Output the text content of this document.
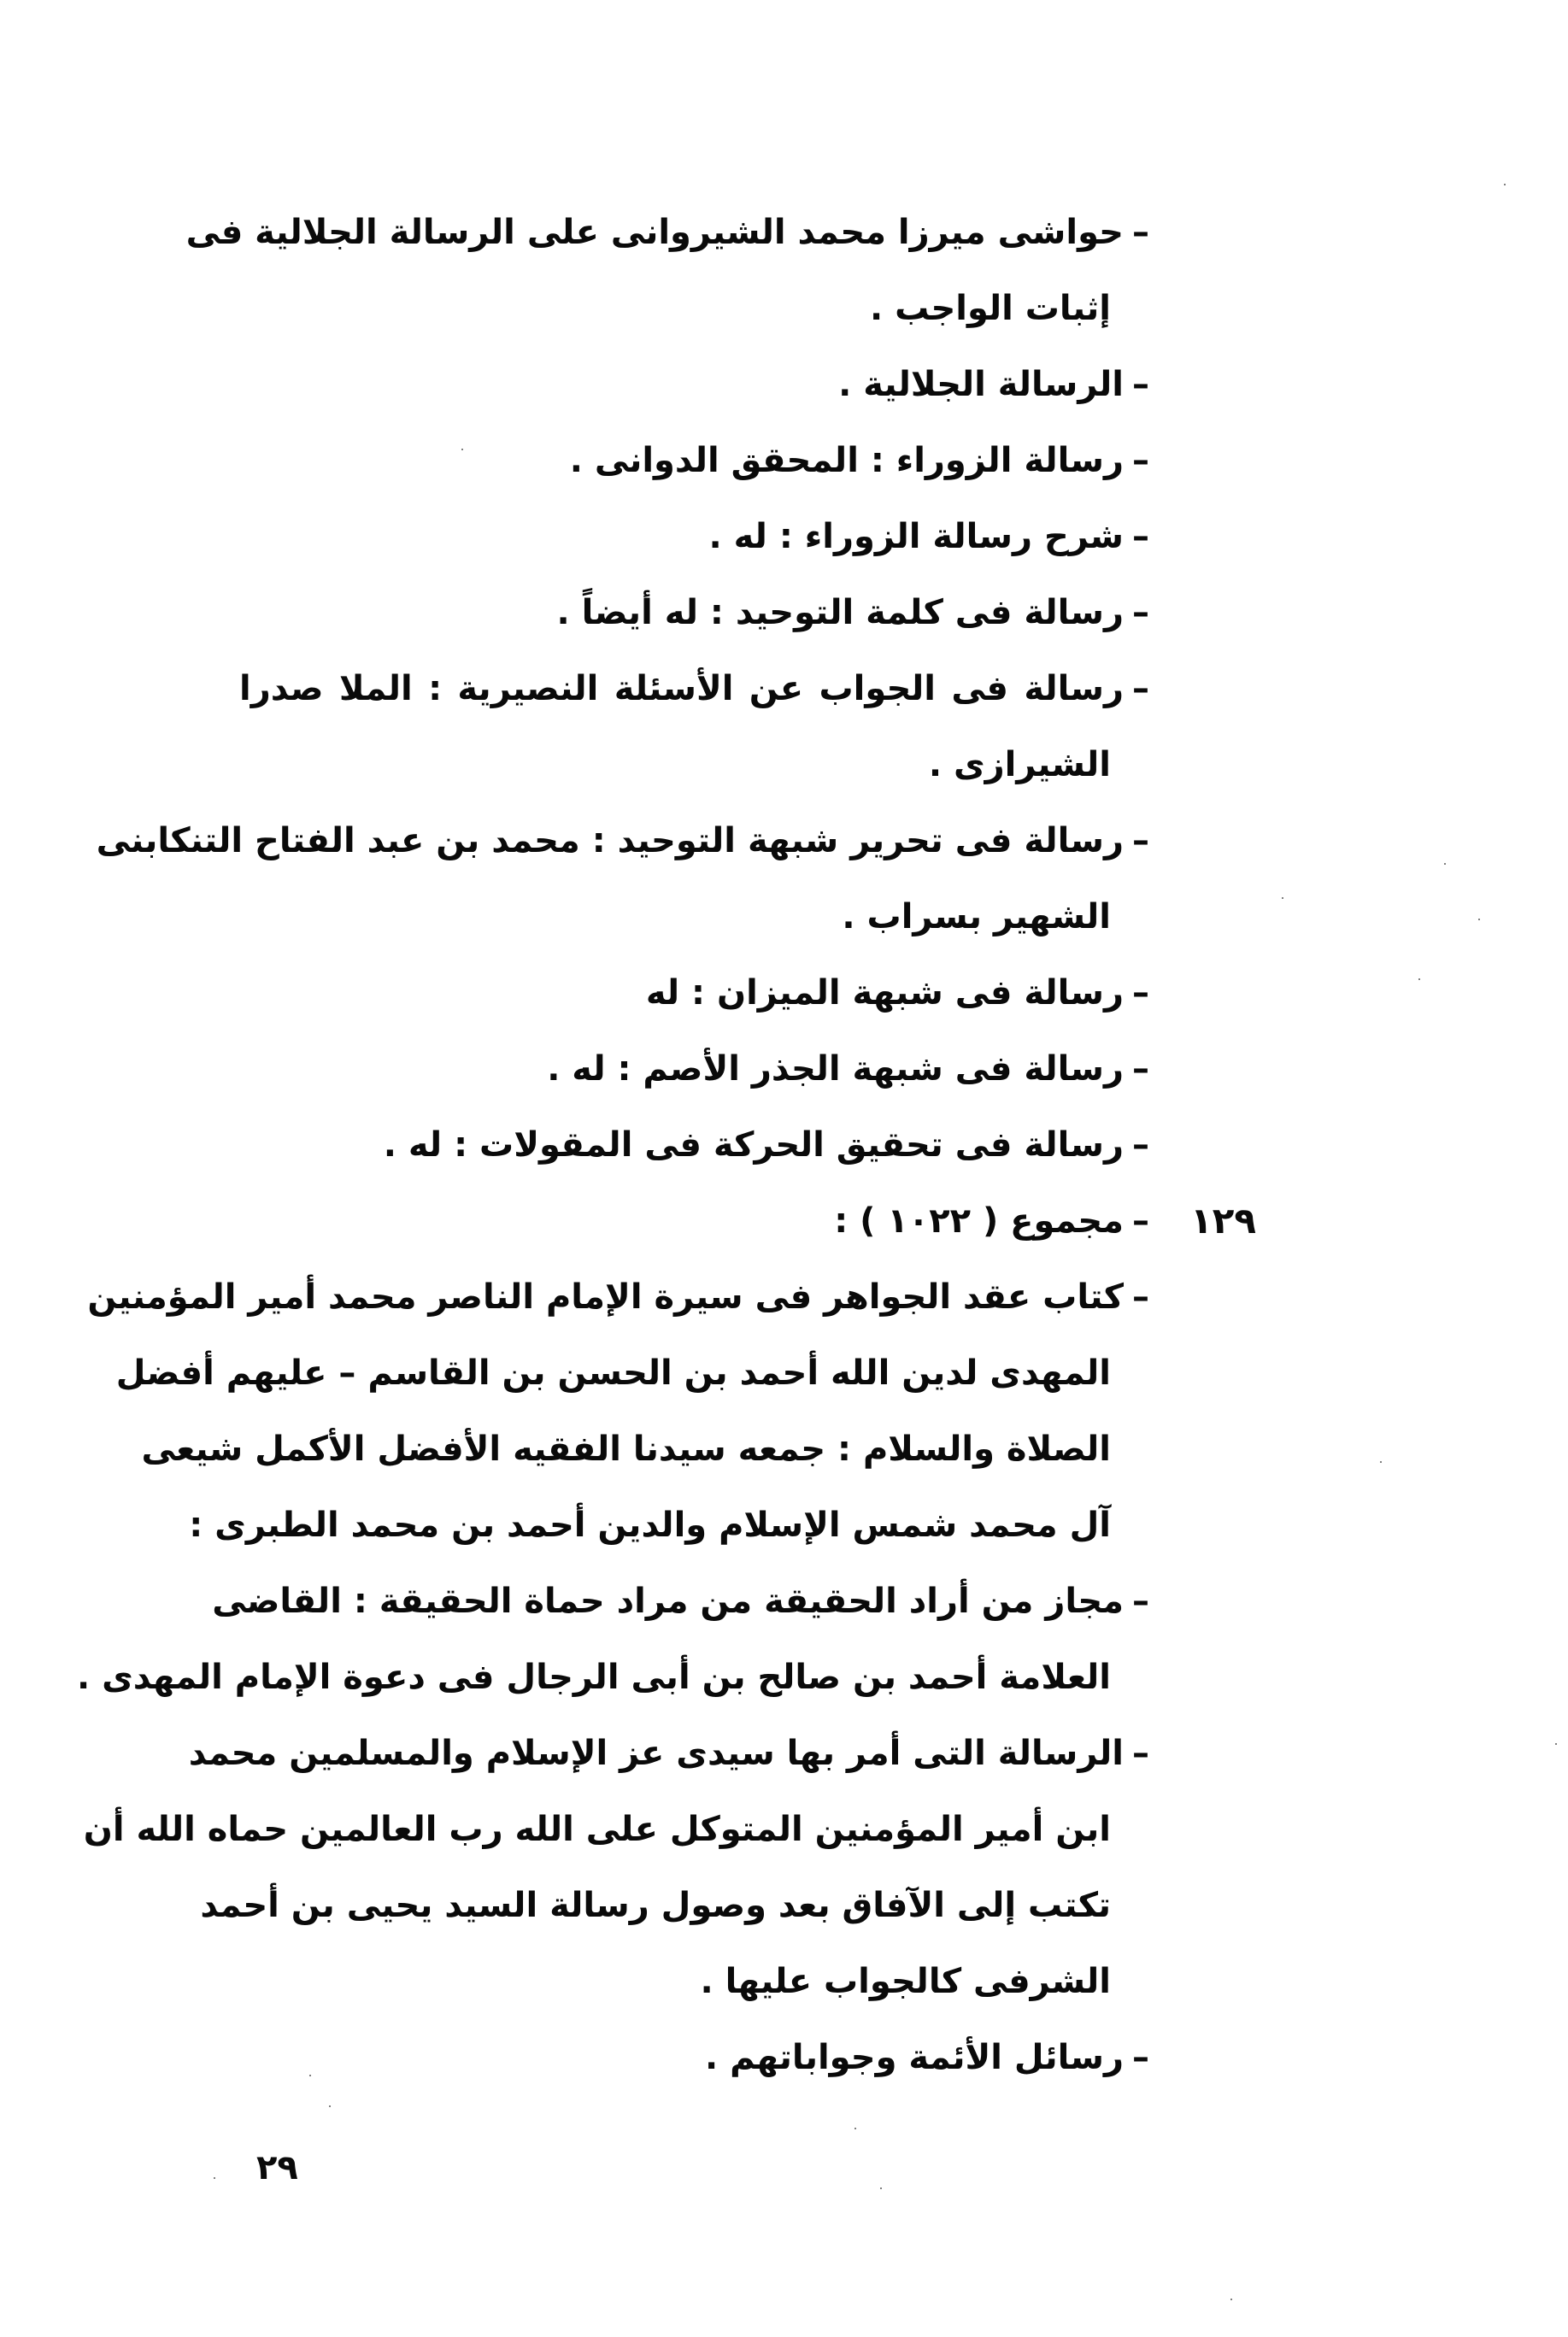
–حواشی ميرزا محمد الشيروانی علی الرسالة الجلالية فی
إثبات الواجب .
–الرسالة الجلالية .
–رسالة الزوراء : المحقق الدوانی .
–شرح رسالة الزوراء : له .
–رسالة فی كلمة التوحيد : له أيضاً .
–رسالة فی الجواب عن الأسئلة النصيرية : الملا صدرا
الشيرازی .
–رسالة فی تحرير شبهة التوحيد : محمد بن عبد الفتاح التنكابنی
الشهير بسراب .
–رسالة فی شبهة الميزان : له
–رسالة فی شبهة الجذر الأصم : له .
–رسالة فی تحقيق الحركة فی المقولات : له .
١٢٩
–مجموع ( ١٠٢٢ ) :
–كتاب عقد الجواهر فی سيرة الإمام الناصر محمد أمير المؤمنين
المهدی لدين الله أحمد بن الحسن بن القاسم – عليهم أفضل
الصلاة والسلام : جمعه سيدنا الفقيه الأفضل الأكمل شيعی
آل محمد شمس الإسلام والدين أحمد بن محمد الطبری :
–مجاز من أراد الحقيقة من مراد حماة الحقيقة : القاضی
العلامة أحمد بن صالح بن أبی الرجال فی دعوة الإمام المهدی .
–الرسالة التی أمر بها سيدی عز الإسلام والمسلمين محمد
ابن أمير المؤمنين المتوكل علی الله رب العالمين حماه الله أن
تكتب إلی الآفاق بعد وصول رسالة السيد يحيی بن أحمد
الشرفی كالجواب عليها .
–رسائل الأئمة وجواباتهم .
٢٩
